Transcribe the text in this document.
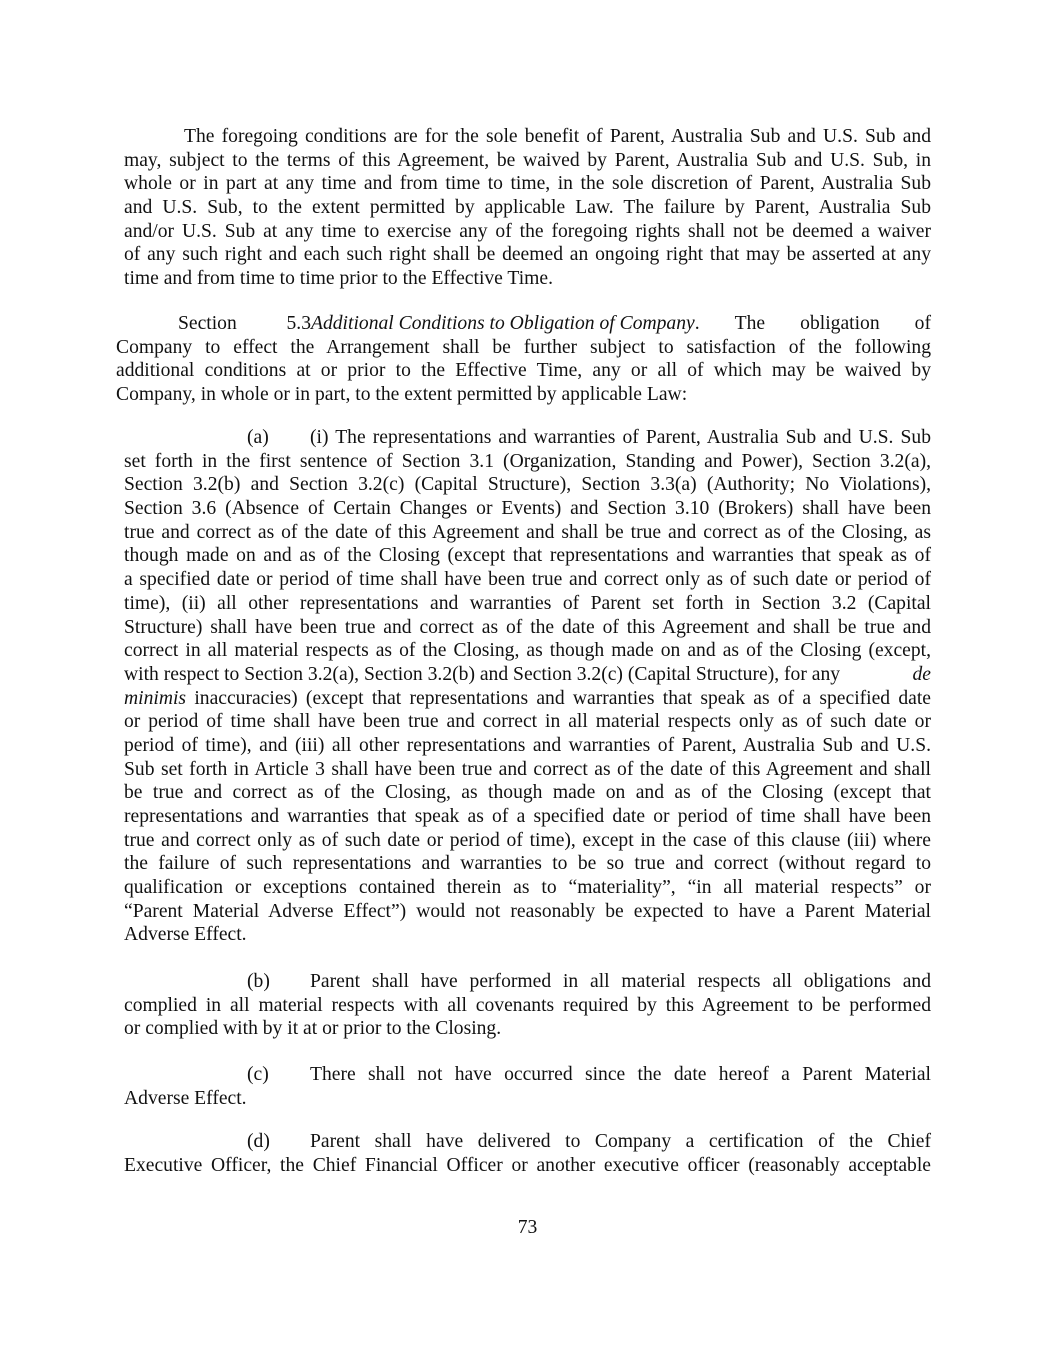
The foregoing conditions are for the sole benefit of Parent, Australia Sub and U.S. Sub and
may, subject to the terms of this Agreement, be waived by Parent, Australia Sub and U.S. Sub, in
whole or in part at any time and from time to time, in the sole discretion of Parent, Australia Sub
and U.S. Sub, to the extent permitted by applicable Law. The failure by Parent, Australia Sub
and/or U.S. Sub at any time to exercise any of the foregoing rights shall not be deemed a waiver
of any such right and each such right shall be deemed an ongoing right that may be asserted at any
time and from time to time prior to the Effective Time.
Section 5.3Additional Conditions to Obligation of Company. The obligation of
Company to effect the Arrangement shall be further subject to satisfaction of the following
additional conditions at or prior to the Effective Time, any or all of which may be waived by
Company, in whole or in part, to the extent permitted by applicable Law:
(a) (i) The representations and warranties of Parent, Australia Sub and U.S. Sub
set forth in the first sentence of Section 3.1 (Organization, Standing and Power), Section 3.2(a),
Section 3.2(b) and Section 3.2(c) (Capital Structure), Section 3.3(a) (Authority; No Violations),
Section 3.6 (Absence of Certain Changes or Events) and Section 3.10 (Brokers) shall have been
true and correct as of the date of this Agreement and shall be true and correct as of the Closing, as
though made on and as of the Closing (except that representations and warranties that speak as of
a specified date or period of time shall have been true and correct only as of such date or period of
time), (ii) all other representations and warranties of Parent set forth in Section 3.2 (Capital
Structure) shall have been true and correct as of the date of this Agreement and shall be true and
correct in all material respects as of the Closing, as though made on and as of the Closing (except,
with respect to Section 3.2(a), Section 3.2(b) and Section 3.2(c) (Capital Structure), for any	de
minimis inaccuracies) (except that representations and warranties that speak as of a specified date
or period of time shall have been true and correct in all material respects only as of such date or
period of time), and (iii) all other representations and warranties of Parent, Australia Sub and U.S.
Sub set forth in Article 3 shall have been true and correct as of the date of this Agreement and shall
be true and correct as of the Closing, as though made on and as of the Closing (except that
representations and warranties that speak as of a specified date or period of time shall have been
true and correct only as of such date or period of time), except in the case of this clause (iii) where
the failure of such representations and warranties to be so true and correct (without regard to
qualification or exceptions contained therein as to “materiality”, “in all material respects” or
“Parent Material Adverse Effect”) would not reasonably be expected to have a Parent Material
Adverse Effect.
(b) Parent shall have performed in all material respects all obligations and
complied in all material respects with all covenants required by this Agreement to be performed
or complied with by it at or prior to the Closing.
(c) There shall not have occurred since the date hereof a Parent Material
Adverse Effect.
(d) Parent shall have delivered to Company a certification of the Chief
Executive Officer, the Chief Financial Officer or another executive officer (reasonably acceptable
73
